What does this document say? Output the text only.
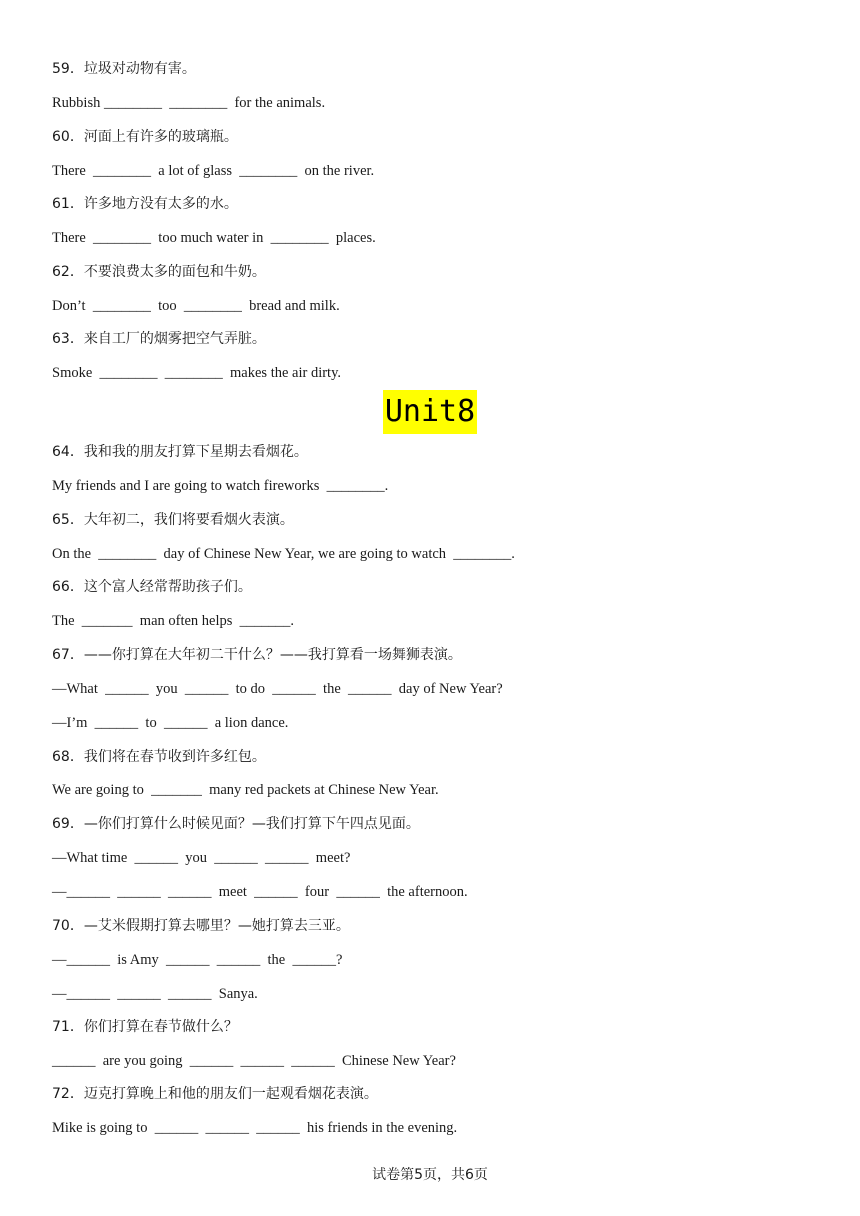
59．垃圾对动物有害。

Rubbish ________  ________  for the animals.

60．河面上有许多的玻璃瓶。

There  ________  a lot of glass  ________  on the river.

61．许多地方没有太多的水。

There  ________  too much water in  ________  places.

62．不要浪费太多的面包和牛奶。

Don’t  ________  too  ________  bread and milk.

63．来自工厂的烟雾把空气弄脏。

Smoke  ________  ________  makes the air dirty.

Unit8

64．我和我的朋友打算下星期去看烟花。

My friends and I are going to watch fireworks  ________.

65．大年初二，我们将要看烟火表演。

On the  ________  day of Chinese New Year, we are going to watch  ________.

66．这个富人经常帮助孩子们。

The  _______  man often helps  _______.

67．——你打算在大年初二干什么？——我打算看一场舞狮表演。

—What  ______  you  ______  to do  ______  the  ______  day of New Year?

—I’m  ______  to  ______  a lion dance.

68．我们将在春节收到许多红包。

We are going to  _______  many red packets at Chinese New Year.

69．—你们打算什么时候见面？—我们打算下午四点见面。

—What time  ______  you  ______  ______  meet?

—______  ______  ______  meet  ______  four  ______  the afternoon.

70．—艾米假期打算去哪里？—她打算去三亚。

—______  is Amy  ______  ______  the  ______?

—______  ______  ______  Sanya.

71．你们打算在春节做什么？

______  are you going  ______  ______  ______  Chinese New Year?

72．迈克打算晚上和他的朋友们一起观看烟花表演。

Mike is going to  ______  ______  ______  his friends in the evening.

试卷第5页，共6页
